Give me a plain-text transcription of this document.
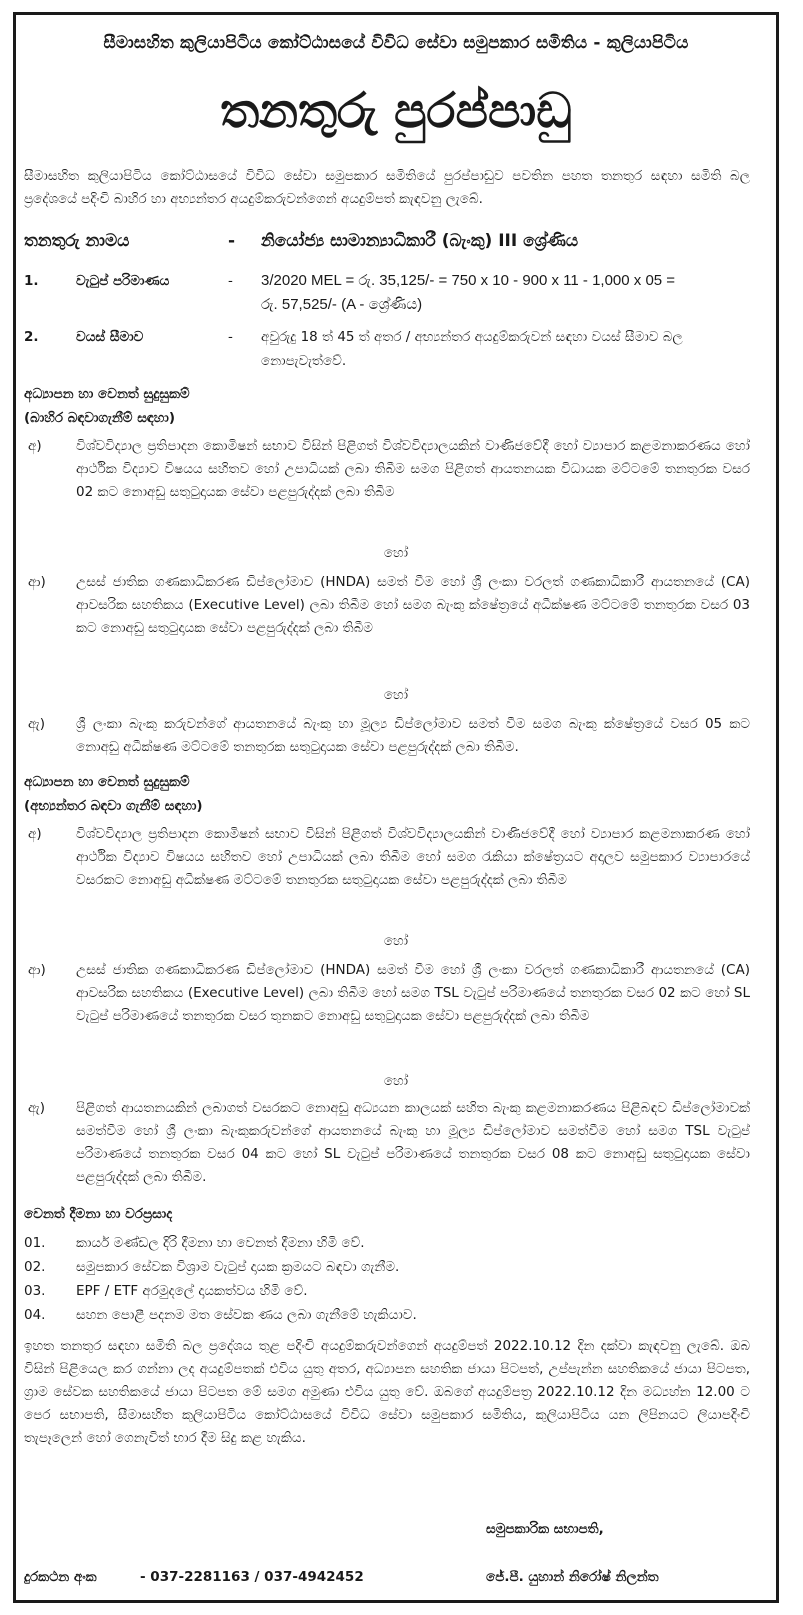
සීමාසහිත කුලියාපිටිය කෝට්ඨාසයේ විවිධ සේවා සමුපකාර සමිතිය - කුලියාපිටිය
තනතුරු පුරප්පාඩු
සීමාසහිත කුලියාපිටිය කෝට්ඨාසයේ විවිධ සේවා සමුපකාර සමිතියේ පුරප්පාඩුව පවතින පහත තනතුර සඳහා සමිති බල ප්‍රදේශයේ පදිංචි බාහිර හා අභ්‍යන්තර අයදුම්කරුවන්ගෙන් අයදුම්පත් කැඳවනු ලැබේ.
තනතුරු නාමය	- නියෝජ්‍ය සාමාන්‍යාධිකාරී (බැංකු) III ශ්‍රේණිය
1.	වැටුප් පරිමාණය	- 3/2020 MEL = රු. 35,125/- = 750 x 10 - 900 x 11 - 1,000 x 05 = රු. 57,525/- (A - ශ්‍රේණිය)
2.	වයස් සීමාව	- අවුරුදු 18 ත් 45 ත් අතර / අභ්‍යන්තර අයදුම්කරුවන් සඳහා වයස් සීමාව බල නොපැවැත්වේ.
අධ්‍යාපන හා වෙනත් සුදුසුකම්
(බාහිර බඳවාගැනීම් සඳහා)
අ)	විශ්වවිද්‍යාල ප්‍රතිපාදන කොමිෂන් සභාව විසින් පිළිගත් විශ්වවිද්‍යාලයකින් වාණිජවේදී හෝ ව්‍යාපාර කළමනාකරණය හෝ ආර්ථික විද්‍යාව විෂයය සහිතව හෝ උපාධියක් ලබා තිබීම සමග පිළිගත් ආයතනයක විධායක මට්ටමේ තනතුරක වසර 02 කට නොඅඩු සතුටුදායක සේවා පළපුරුද්දක් ලබා තිබීම
හෝ
ආ) උසස් ජාතික ගණකාධිකරණ ඩිප්ලෝමාව (HNDA) සමත් වීම හෝ ශ්‍රී ලංකා වරලත් ගණකාධිකාරී ආයතනයේ (CA) ආවසරික සහතිකය (Executive Level) ලබා තිබීම හෝ සමග බැංකු ක්ෂේත්‍රයේ අධීක්ෂණ මට්ටමේ තනතුරක වසර 03 කට නොඅඩු සතුටුදායක සේවා පළපුරුද්දක් ලබා තිබීම
හෝ
ඇ) ශ්‍රී ලංකා බැංකු කරුවන්ගේ ආයතනයේ බැංකු හා මූල්‍ය ඩිප්ලෝමාව සමත් වීම සමග බැංකු ක්ෂේත්‍රයේ වසර 05 කට නොඅඩු අධීක්ෂණ මට්ටමේ තනතුරක සතුටුදායක සේවා පළපුරුද්දක් ලබා තිබීම.
අධ්‍යාපන හා වෙනත් සුදුසුකම්
(අභ්‍යන්තර බඳවා ගැනීම් සඳහා)
අ)	විශ්වවිද්‍යාල ප්‍රතිපාදන කොමිෂන් සභාව විසින් පිළිගත් විශ්වවිද්‍යාලයකින් වාණිජවේදී හෝ ව්‍යාපාර කළමනාකරණ හෝ ආර්ථික විද්‍යාව විෂයය සහිතව හෝ උපාධියක් ලබා තිබීම හෝ සමග රැකියා ක්ෂේත්‍රයට අදාලව සමුපකාර ව්‍යාපාරයේ වසරකට නොඅඩු අධීක්ෂණ මට්ටමේ තනතුරක සතුටුදායක සේවා පළපුරුද්දක් ලබා තිබීම
හෝ
ආ) උසස් ජාතික ගණකාධිකරණ ඩිප්ලෝමාව (HNDA) සමත් වීම හෝ ශ්‍රී ලංකා වරලත් ගණකාධිකාරී ආයතනයේ (CA) ආවසරික සහතිකය (Executive Level) ලබා තිබීම හෝ සමග TSL වැටුප් පරිමාණයේ තනතුරක වසර 02 කට හෝ SL වැටුප් පරිමාණයේ තනතුරක වසර තුනකට නොඅඩු සතුටුදායක සේවා පළපුරුද්දක් ලබා තිබීම
හෝ
ඇ) පිළිගත් ආයතනයකින් ලබාගත් වසරකට නොඅඩු අධ්‍යයන කාලයක් සහිත බැංකු කළමනාකරණය පිළිබඳව ඩිප්ලෝමාවක් සමත්වීම හෝ ශ්‍රී ලංකා බැංකුකරුවන්ගේ ආයතනයේ බැංකු හා මූල්‍ය ඩිප්ලෝමාව සමත්වීම හෝ සමග TSL වැටුප් පරිමාණයේ තනතුරක වසර 04 කට හෝ SL වැටුප් පරිමාණයේ තනතුරක වසර 08 කට නොඅඩු සතුටුදායක සේවා පළපුරුද්දක් ලබා තිබීම.
වෙනත් දීමනා හා වරප්‍රසාද
01. කාර්ය මණ්ඩල දිරි දීමනා හා වෙනත් දීමනා හිමි වේ.
02. සමුපකාර සේවක විශ්‍රාම වැටුප් දායක ක්‍රමයට බඳවා ගැනීම.
03. EPF / ETF අරමුදලේ දායකත්වය හිමි වේ.
04. සහන පොළී පදනම මත සේවක ණය ලබා ගැනීමේ හැකියාව.
ඉහත තනතුර සඳහා සමිති බල ප්‍රදේශය තුළ පදිංචි අයදුම්කරුවන්ගෙන් අයදුම්පත් 2022.10.12 දින දක්වා කැඳවනු ලැබේ. ඔබ විසින් පිළියෙල කර ගන්නා ලද අයදුම්පතක් එවිය යුතු අතර, අධ්‍යාපන සහතික ජායා පිටපත්, උප්පැන්න සහතිකයේ ජායා පිටපත, ග්‍රාම සේවක සහතිකයේ ජායා පිටපත මේ සමග අමුණා එවිය යුතු වේ. ඔබගේ අයදුම්පත්‍ර 2022.10.12 දින මධ්‍යහ්න 12.00 ට පෙර සභාපති, සීමාසහිත කුලියාපිටිය කෝට්ඨාසයේ විවිධ සේවා සමුපකාර සමිතිය, කුලියාපිටිය යන ලිපිනයට ලියාපදිංචි තැපෑලෙන් හෝ ගෙනැවිත් භාර දීම සිදු කළ හැකිය.
සමුපකාරික සභාපති,
දුරකථන අංක	- 037-2281163 / 037-4942452	ජේ.පී. යුහාන් නිරෝෂ් නිලන්ත
